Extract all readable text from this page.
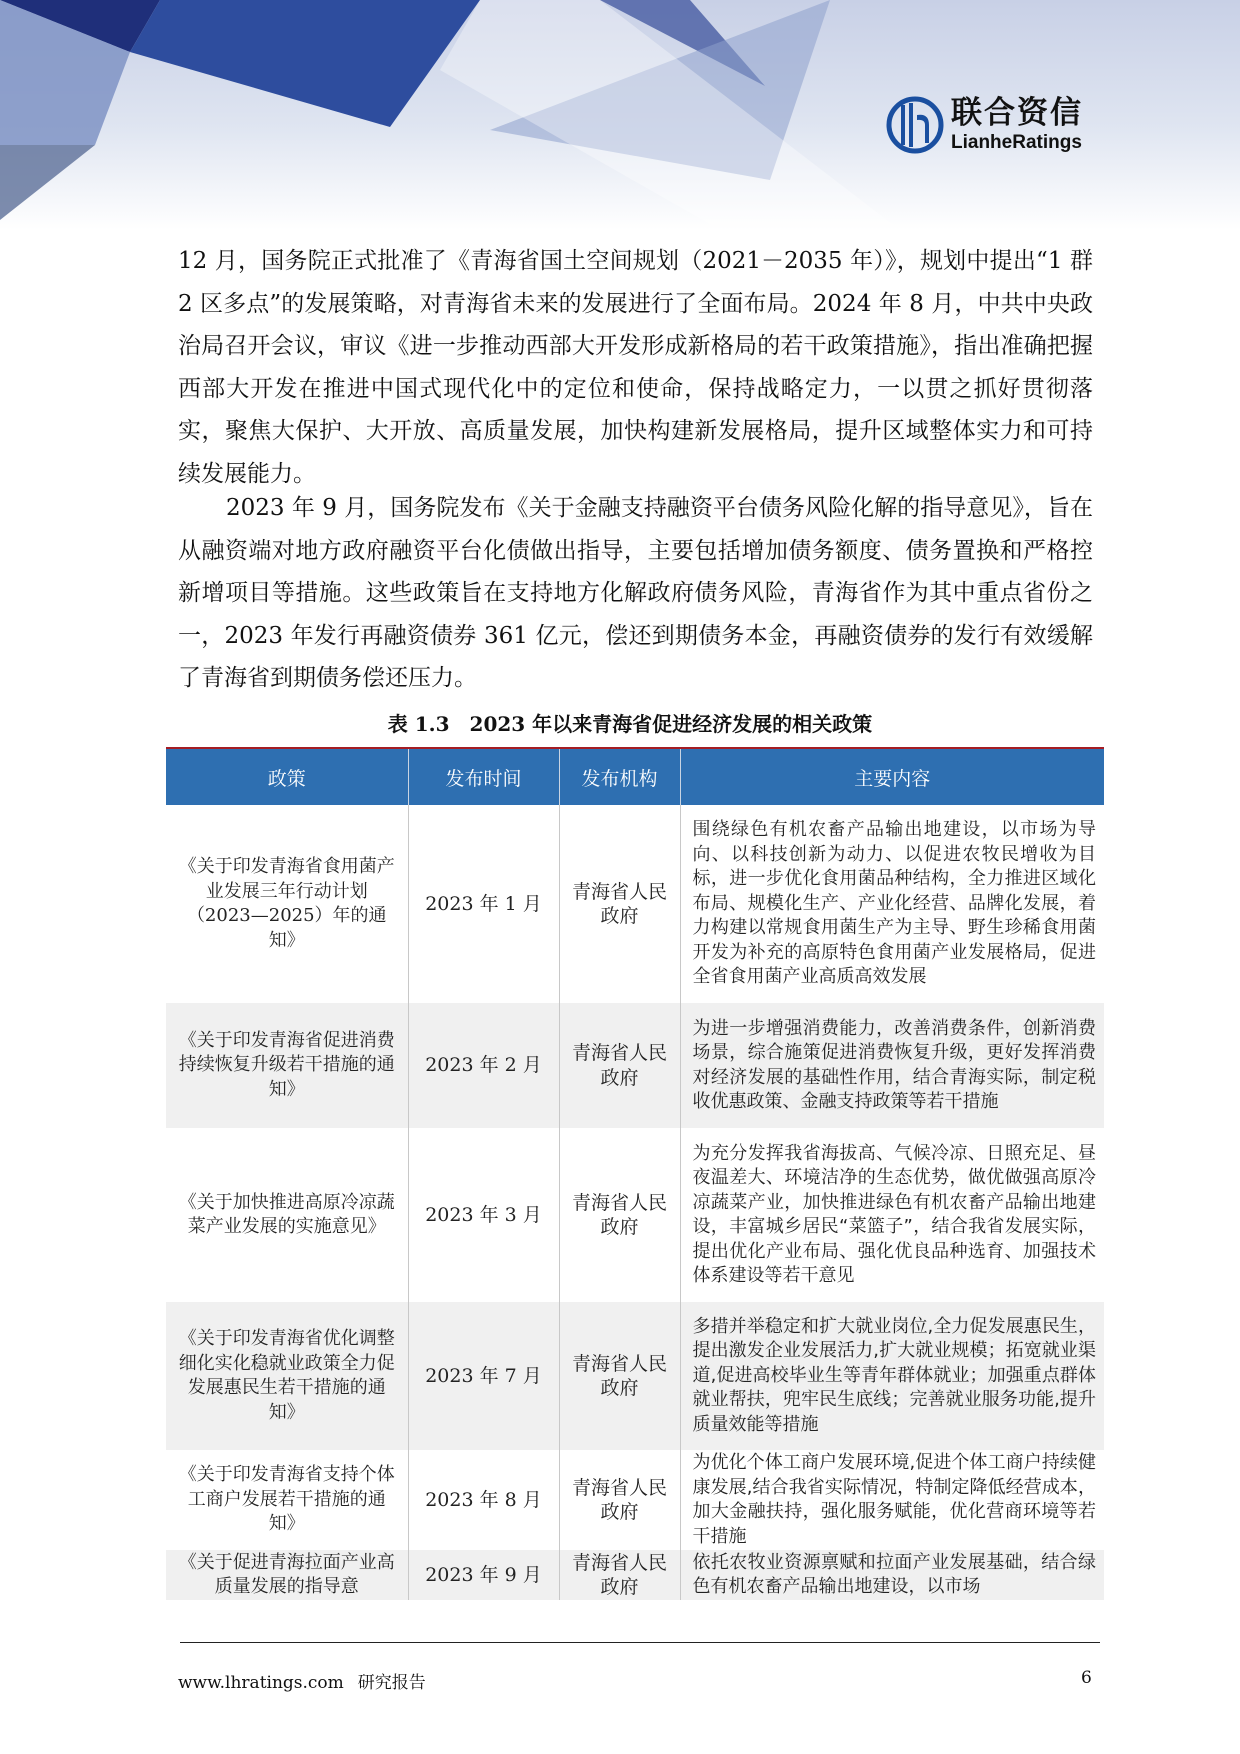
联合资信
LianheRatings

12 月，国务院正式批准了《青海省国土空间规划（2021－2035 年）》，规划中提出“1 群 2 区多点”的发展策略，对青海省未来的发展进行了全面布局。2024 年 8 月，中共中央政治局召开会议，审议《进一步推动西部大开发形成新格局的若干政策措施》，指出准确把握西部大开发在推进中国式现代化中的定位和使命，保持战略定力，一以贯之抓好贯彻落实，聚焦大保护、大开放、高质量发展，加快构建新发展格局，提升区域整体实力和可持续发展能力。

2023 年 9 月，国务院发布《关于金融支持融资平台债务风险化解的指导意见》，旨在从融资端对地方政府融资平台化债做出指导，主要包括增加债务额度、债务置换和严格控新增项目等措施。这些政策旨在支持地方化解政府债务风险，青海省作为其中重点省份之一，2023 年发行再融资债券 361 亿元，偿还到期债务本金，再融资债券的发行有效缓解了青海省到期债务偿还压力。

表 1.3　2023 年以来青海省促进经济发展的相关政策
政策	发布时间	发布机构	主要内容
《关于印发青海省食用菌产业发展三年行动计划（2023—2025）年的通知》	2023 年 1 月	青海省人民政府	围绕绿色有机农畜产品输出地建设，以市场为导向、以科技创新为动力、以促进农牧民增收为目标，进一步优化食用菌品种结构，全力推进区域化布局、规模化生产、产业化经营、品牌化发展，着力构建以常规食用菌生产为主导、野生珍稀食用菌开发为补充的高原特色食用菌产业发展格局，促进全省食用菌产业高质高效发展
《关于印发青海省促进消费持续恢复升级若干措施的通知》	2023 年 2 月	青海省人民政府	为进一步增强消费能力，改善消费条件，创新消费场景，综合施策促进消费恢复升级，更好发挥消费对经济发展的基础性作用，结合青海实际，制定税收优惠政策、金融支持政策等若干措施
《关于加快推进高原冷凉蔬菜产业发展的实施意见》	2023 年 3 月	青海省人民政府	为充分发挥我省海拔高、气候冷凉、日照充足、昼夜温差大、环境洁净的生态优势，做优做强高原冷凉蔬菜产业，加快推进绿色有机农畜产品输出地建设，丰富城乡居民“菜篮子”，结合我省发展实际，提出优化产业布局、强化优良品种选育、加强技术体系建设等若干意见
《关于印发青海省优化调整细化实化稳就业政策全力促发展惠民生若干措施的通知》	2023 年 7 月	青海省人民政府	多措并举稳定和扩大就业岗位,全力促发展惠民生，提出激发企业发展活力,扩大就业规模；拓宽就业渠道,促进高校毕业生等青年群体就业；加强重点群体就业帮扶，兜牢民生底线；完善就业服务功能,提升质量效能等措施
《关于印发青海省支持个体工商户发展若干措施的通知》	2023 年 8 月	青海省人民政府	为优化个体工商户发展环境,促进个体工商户持续健康发展,结合我省实际情况，特制定降低经营成本，加大金融扶持，强化服务赋能，优化营商环境等若干措施
《关于促进青海拉面产业高质量发展的指导意	2023 年 9 月	青海省人民政府	依托农牧业资源禀赋和拉面产业发展基础，结合绿色有机农畜产品输出地建设，以市场
www.lhratings.com 研究报告	6
